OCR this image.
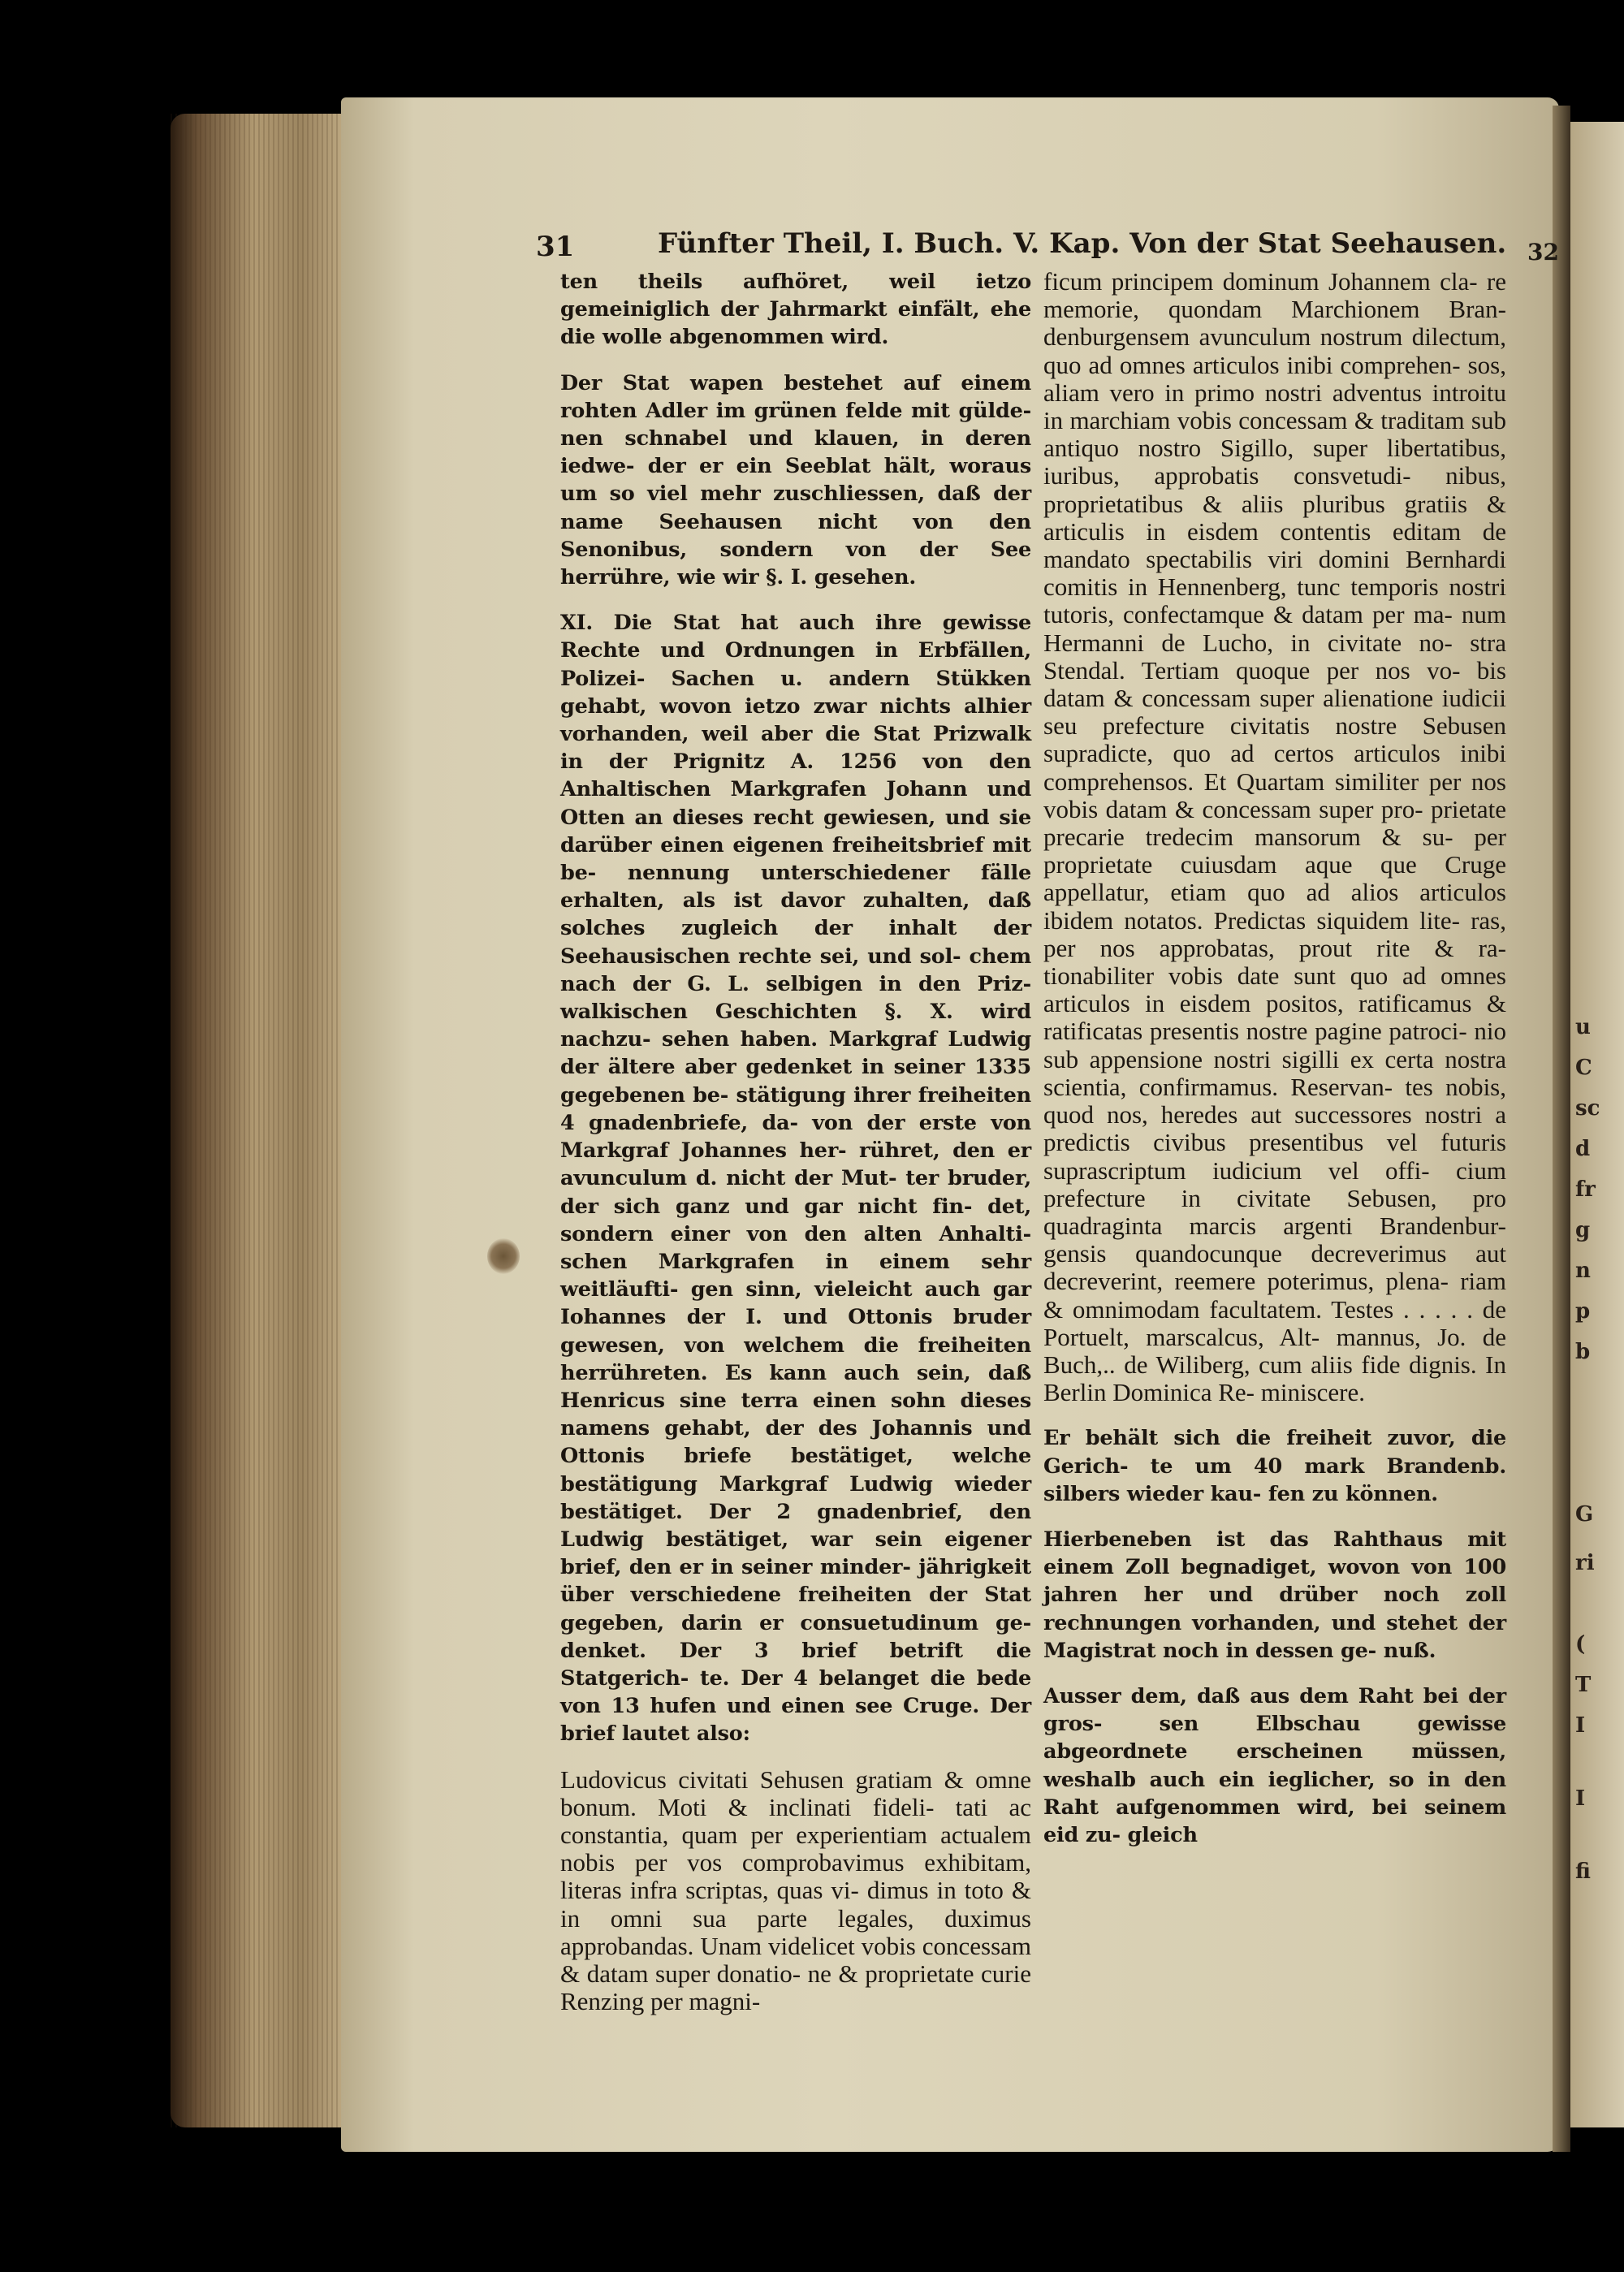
u
C
sc
d
fr
g
n
p
b
G
ri
(
T
I
I
fi
31	Fünfter Theil, I. Buch. V. Kap. Von der Stat Seehausen. 32

ten theils aufhöret, weil ietzo gemeiniglich der Jahrmarkt einfält, ehe die wolle abgenommen wird.

Der Stat wapen bestehet auf einem rohten Adler im grünen felde mit gülde- nen schnabel und klauen, in deren iedwe- der er ein Seeblat hält, woraus um so viel mehr zuschliessen, daß der name Seehausen nicht von den Senonibus, sondern von der See herrühre, wie wir §. I. gesehen.

XI. Die Stat hat auch ihre gewisse Rechte und Ordnungen in Erbfällen, Polizei- Sachen u. andern Stükken gehabt, wovon ietzo zwar nichts alhier vorhanden, weil aber die Stat Prizwalk in der Prignitz A. 1256 von den Anhaltischen Markgrafen Johann und Otten an dieses recht gewiesen, und sie darüber einen eigenen freiheitsbrief mit be- nennung unterschiedener fälle erhalten, als ist davor zuhalten, daß solches zugleich der inhalt der Seehausischen rechte sei, und sol- chem nach der G. L. selbigen in den Priz- walkischen Geschichten §. X. wird nachzu- sehen haben. Markgraf Ludwig der ältere aber gedenket in seiner 1335 gegebenen be- stätigung ihrer freiheiten 4 gnadenbriefe, da- von der erste von Markgraf Johannes her- rühret, den er avunculum d. nicht der Mut- ter bruder, der sich ganz und gar nicht fin- det, sondern einer von den alten Anhalti- schen Markgrafen in einem sehr weitläufti- gen sinn, vieleicht auch gar Iohannes der I. und Ottonis bruder gewesen, von welchem die freiheiten herrühreten. Es kann auch sein, daß Henricus sine terra einen sohn dieses namens gehabt, der des Johannis und Ottonis briefe bestätiget, welche bestätigung Markgraf Ludwig wieder bestätiget. Der 2 gnadenbrief, den Ludwig bestätiget, war sein eigener brief, den er in seiner minder- jährigkeit über verschiedene freiheiten der Stat gegeben, darin er consuetudinum ge- denket. Der 3 brief betrift die Statgerich- te. Der 4 belanget die bede von 13 hufen und einen see Cruge. Der brief lautet also:

Ludovicus civitati Sehusen gratiam & omne bonum. Moti & inclinati fideli- tati ac constantia, quam per experientiam actualem nobis per vos comprobavimus exhibitam, literas infra scriptas, quas vi- dimus in toto & in omni sua parte legales, duximus approbandas. Unam videlicet vobis concessam & datam super donatio- ne & proprietate curie Renzing per magni-

ficum principem dominum Johannem cla- re memorie, quondam Marchionem Bran- denburgensem avunculum nostrum dilectum, quo ad omnes articulos inibi comprehen- sos, aliam vero in primo nostri adventus introitu in marchiam vobis concessam & traditam sub antiquo nostro Sigillo, super libertatibus, iuribus, approbatis consvetudi- nibus, proprietatibus & aliis pluribus gratiis & articulis in eisdem contentis editam de mandato spectabilis viri domini Bernhardi comitis in Hennenberg, tunc temporis nostri tutoris, confectamque & datam per ma- num Hermanni de Lucho, in civitate no- stra Stendal. Tertiam quoque per nos vo- bis datam & concessam super alienatione iudicii seu prefecture civitatis nostre Sebusen supradicte, quo ad certos articulos inibi comprehensos. Et Quartam similiter per nos vobis datam & concessam super pro- prietate precarie tredecim mansorum & su- per proprietate cuiusdam aque que Cruge appellatur, etiam quo ad alios articulos ibidem notatos. Predictas siquidem lite- ras, per nos approbatas, prout rite & ra- tionabiliter vobis date sunt quo ad omnes articulos in eisdem positos, ratificamus & ratificatas presentis nostre pagine patroci- nio sub appensione nostri sigilli ex certa nostra scientia, confirmamus. Reservan- tes nobis, quod nos, heredes aut successores nostri a predictis civibus presentibus vel futuris suprascriptum iudicium vel offi- cium prefecture in civitate Sebusen, pro quadraginta marcis argenti Brandenbur- gensis quandocunque decreverimus aut decreverint, reemere poterimus, plena- riam & omnimodam facultatem. Testes . . . . . de Portuelt, marscalcus, Alt- mannus, Jo. de Buch,.. de Wiliberg, cum aliis fide dignis. In Berlin Dominica Re- miniscere.

Er behält sich die freiheit zuvor, die Gerich- te um 40 mark Brandenb. silbers wieder kau- fen zu können.

Hierbeneben ist das Rahthaus mit einem Zoll begnadiget, wovon von 100 jahren her und drüber noch zoll rechnungen vorhanden, und stehet der Magistrat noch in dessen ge- nuß.

Ausser dem, daß aus dem Raht bei der gros- sen Elbschau gewisse abgeordnete erscheinen müssen, weshalb auch ein ieglicher, so in den Raht aufgenommen wird, bei seinem eid zu- gleich
